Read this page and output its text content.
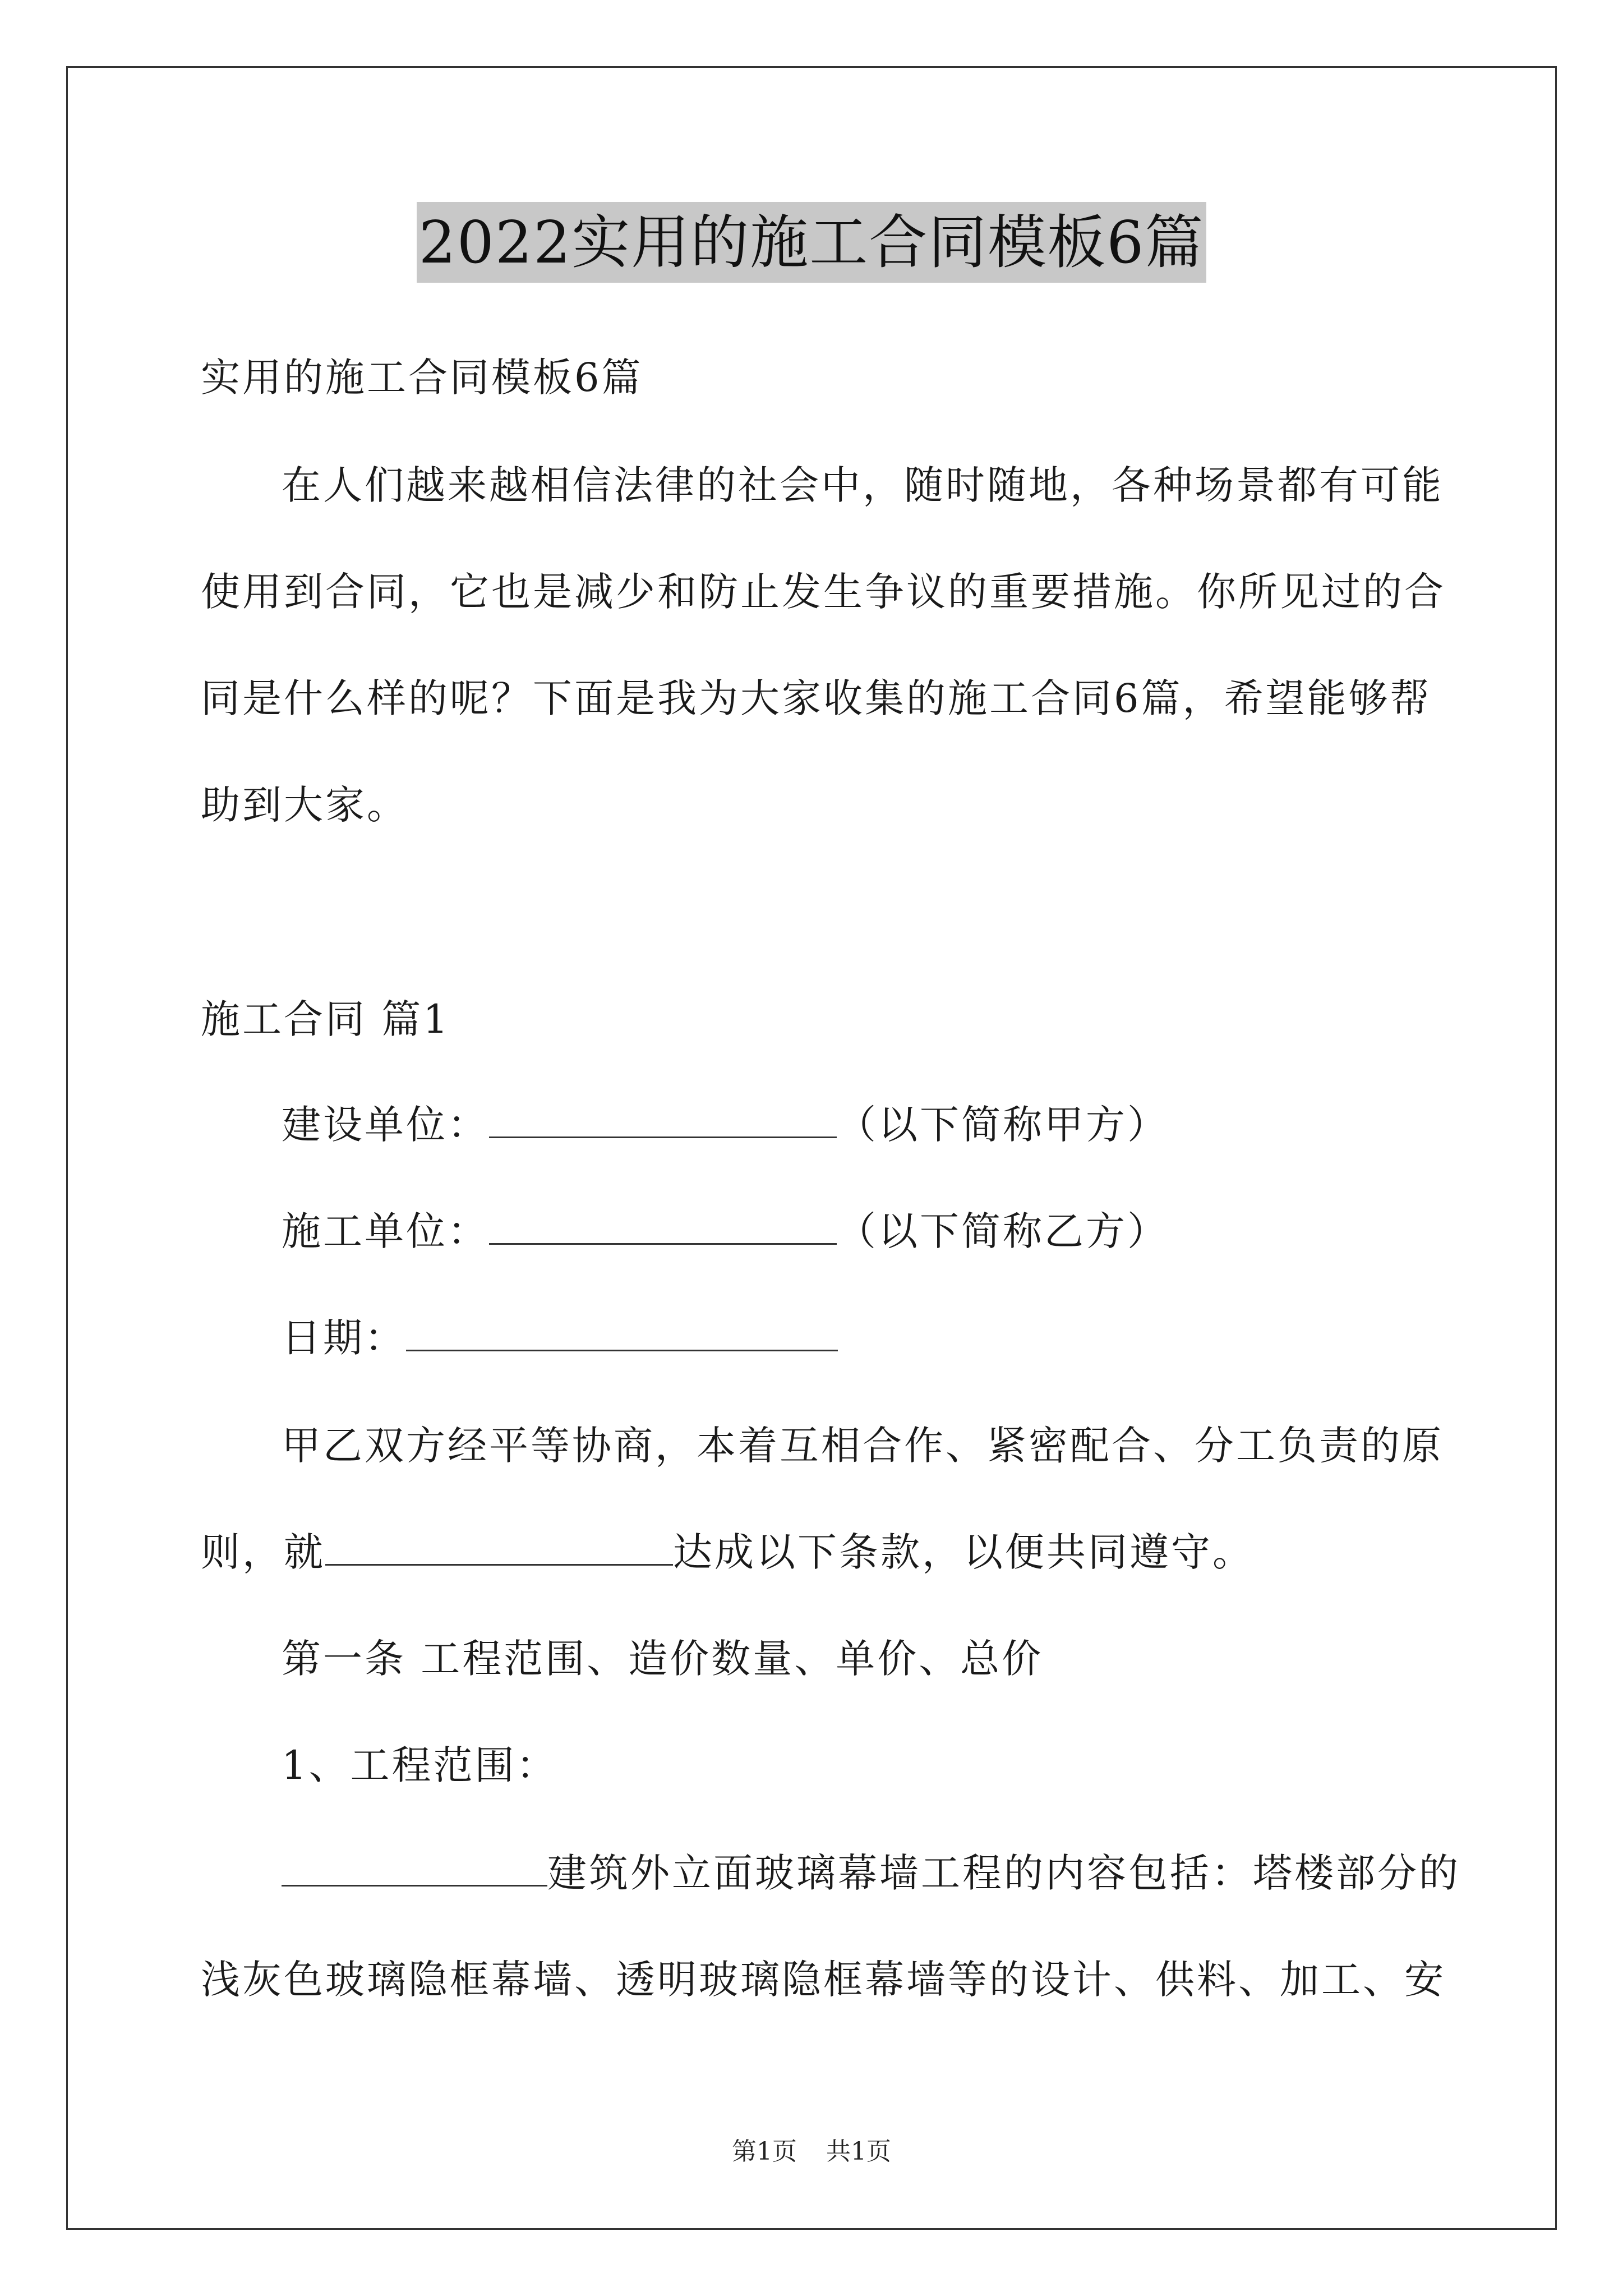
2022实用的施工合同模板6篇
实用的施工合同模板6篇
在人们越来越相信法律的社会中，随时随地，各种场景都有可能
使用到合同，它也是减少和防止发生争议的重要措施。你所见过的合
同是什么样的呢？下面是我为大家收集的施工合同6篇，希望能够帮
助到大家。
施工合同 篇1
建设单位：	（以下简称甲方）
施工单位：	（以下简称乙方）
日期：
甲乙双方经平等协商，本着互相合作、紧密配合、分工负责的原
则，就	达成以下条款，以便共同遵守。
第一条 工程范围、造价数量、单价、总价
1、工程范围：
建筑外立面玻璃幕墙工程的内容包括：塔楼部分的
浅灰色玻璃隐框幕墙、透明玻璃隐框幕墙等的设计、供料、加工、安
第1页 共1页
